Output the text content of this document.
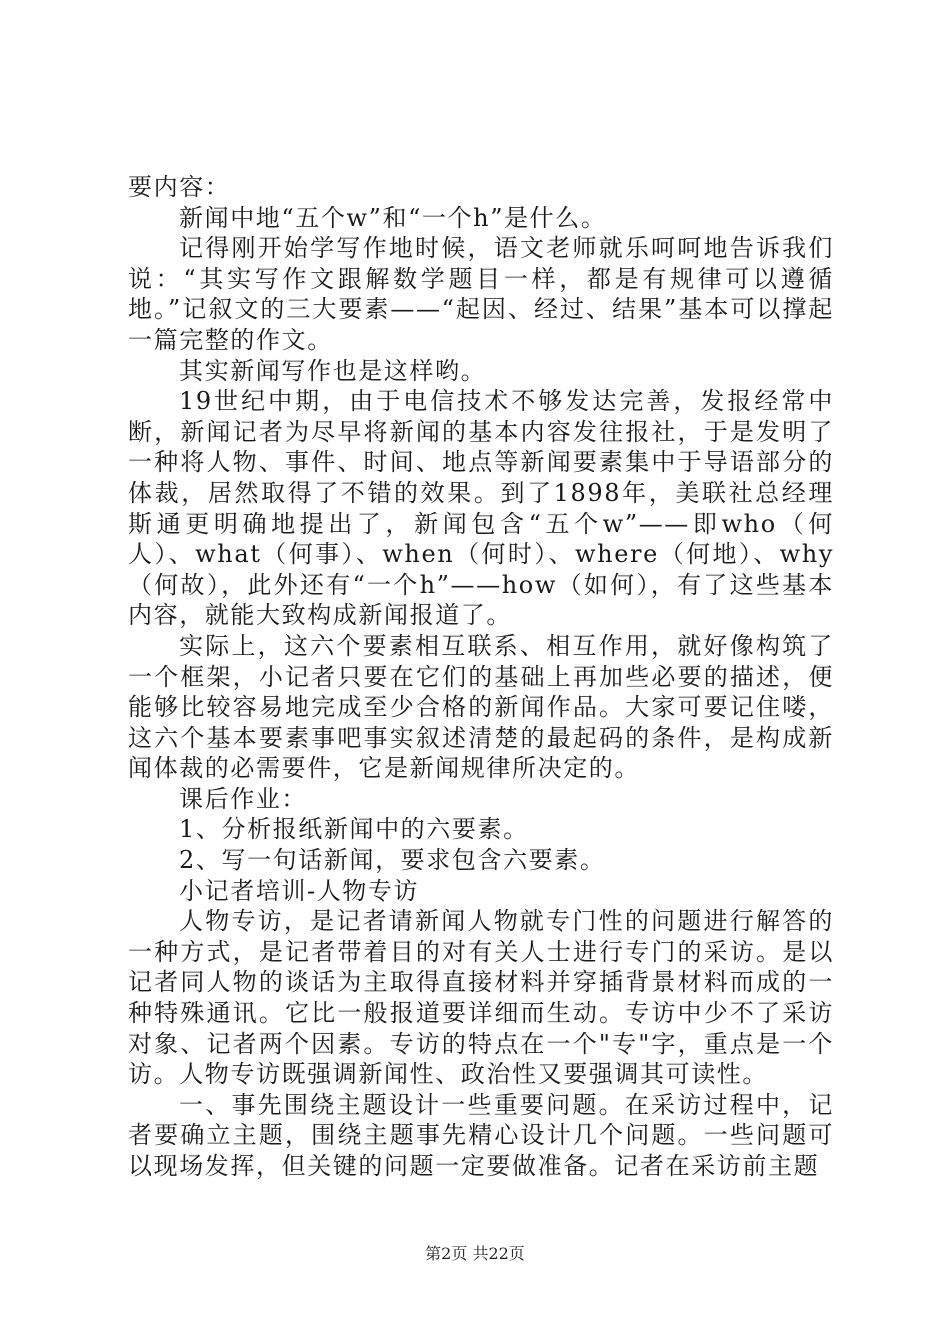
要内容：

新闻中地“五个w”和“一个h”是什么。

记得刚开始学写作地时候，语文老师就乐呵呵地告诉我们说：“其实写作文跟解数学题目一样，都是有规律可以遵循地。”记叙文的三大要素——“起因、经过、结果”基本可以撑起一篇完整的作文。

其实新闻写作也是这样哟。

19世纪中期，由于电信技术不够发达完善，发报经常中断，新闻记者为尽早将新闻的基本内容发往报社，于是发明了一种将人物、事件、时间、地点等新闻要素集中于导语部分的体裁，居然取得了不错的效果。到了1898年，美联社总经理斯通更明确地提出了，新闻包含“五个w”——即who（何人）、what（何事）、when（何时）、where（何地）、why（何故），此外还有“一个h”——how（如何），有了这些基本内容，就能大致构成新闻报道了。

实际上，这六个要素相互联系、相互作用，就好像构筑了一个框架，小记者只要在它们的基础上再加些必要的描述，便能够比较容易地完成至少合格的新闻作品。大家可要记住喽，这六个基本要素事吧事实叙述清楚的最起码的条件，是构成新闻体裁的必需要件，它是新闻规律所决定的。

课后作业：

1、分析报纸新闻中的六要素。

2、写一句话新闻，要求包含六要素。

小记者培训-人物专访

人物专访，是记者请新闻人物就专门性的问题进行解答的一种方式，是记者带着目的对有关人士进行专门的采访。是以记者同人物的谈话为主取得直接材料并穿插背景材料而成的一种特殊通讯。它比一般报道要详细而生动。专访中少不了采访对象、记者两个因素。专访的特点在一个"专"字，重点是一个访。人物专访既强调新闻性、政治性又要强调其可读性。

一、事先围绕主题设计一些重要问题。在采访过程中，记者要确立主题，围绕主题事先精心设计几个问题。一些问题可以现场发挥，但关键的问题一定要做准备。记者在采访前主题

第2页 共22页
